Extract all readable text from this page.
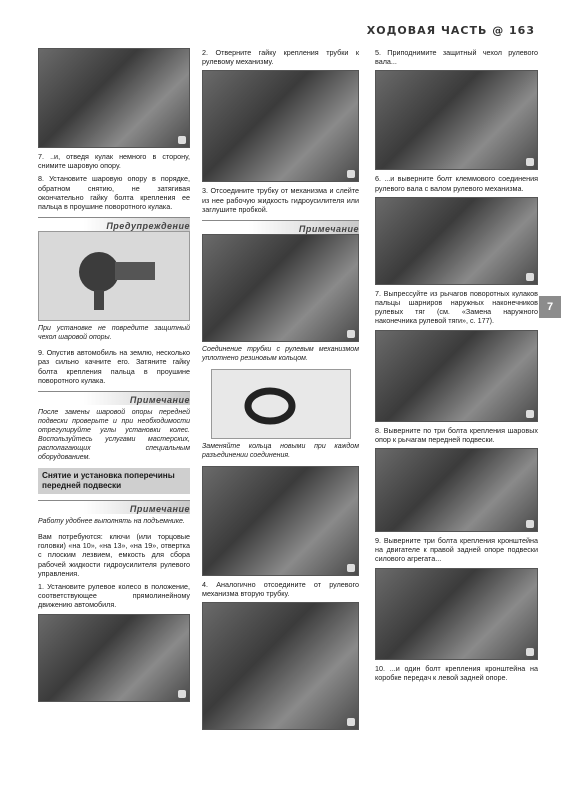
ХОДОВАЯ ЧАСТЬ @ 163
7
7. ..и, отведя кулак немного в сторону, снимите шаровую опору.
8. Установите шаровую опору в порядке, обратном снятию, не затягивая окончательно гайку болта крепления ее пальца в проушине поворотного кулака.
Предупреждение
При установке не повредите защитный чехол шаровой опоры.
9. Опустив автомобиль на землю, несколько раз сильно качните его. Затяните гайку болта крепления пальца в проушине поворотного кулака.
Примечание
После замены шаровой опоры передней подвески проверьте и при необходимости отрегулируйте углы установки колес. Воспользуйтесь услугами мастерских, располагающих специальным оборудованием.
Снятие и установка поперечины передней подвески
Примечание
Работу удобнее выполнять на подъемнике.
Вам потребуются: ключи (или торцовые головки) «на 10», «на 13», «на 19», отвертка с плоским лезвием, емкость для сбора рабочей жидкости гидроусилителя рулевого управления.
1. Установите рулевое колесо в положение, соответствующее прямолинейному движению автомобиля.
2. Отверните гайку крепления трубки к рулевому механизму.
3. Отсоедините трубку от механизма и слейте из нее рабочую жидкость гидроусилителя или заглушите пробкой.
Примечание
Соединение трубки с рулевым механизмом уплотнено резиновым кольцом.
Заменяйте кольца новыми при каждом разъединении соединения.
4. Аналогично отсоедините от рулевого механизма вторую трубку.
5. Приподнимите защитный чехол рулевого вала...
6. ...и выверните болт клеммового соединения рулевого вала с валом рулевого механизма.
7. Выпрессуйте из рычагов поворотных кулаков пальцы шарниров наружных наконечников рулевых тяг (см. «Замена наружного наконечника рулевой тяги», с. 177).
8. Выверните по три болта крепления шаровых опор к рычагам передней подвески.
9. Выверните три болта крепления кронштейна на двигателе к правой задней опоре подвески силового агрегата...
10. ...и один болт крепления кронштейна на коробке передач к левой задней опоре.
